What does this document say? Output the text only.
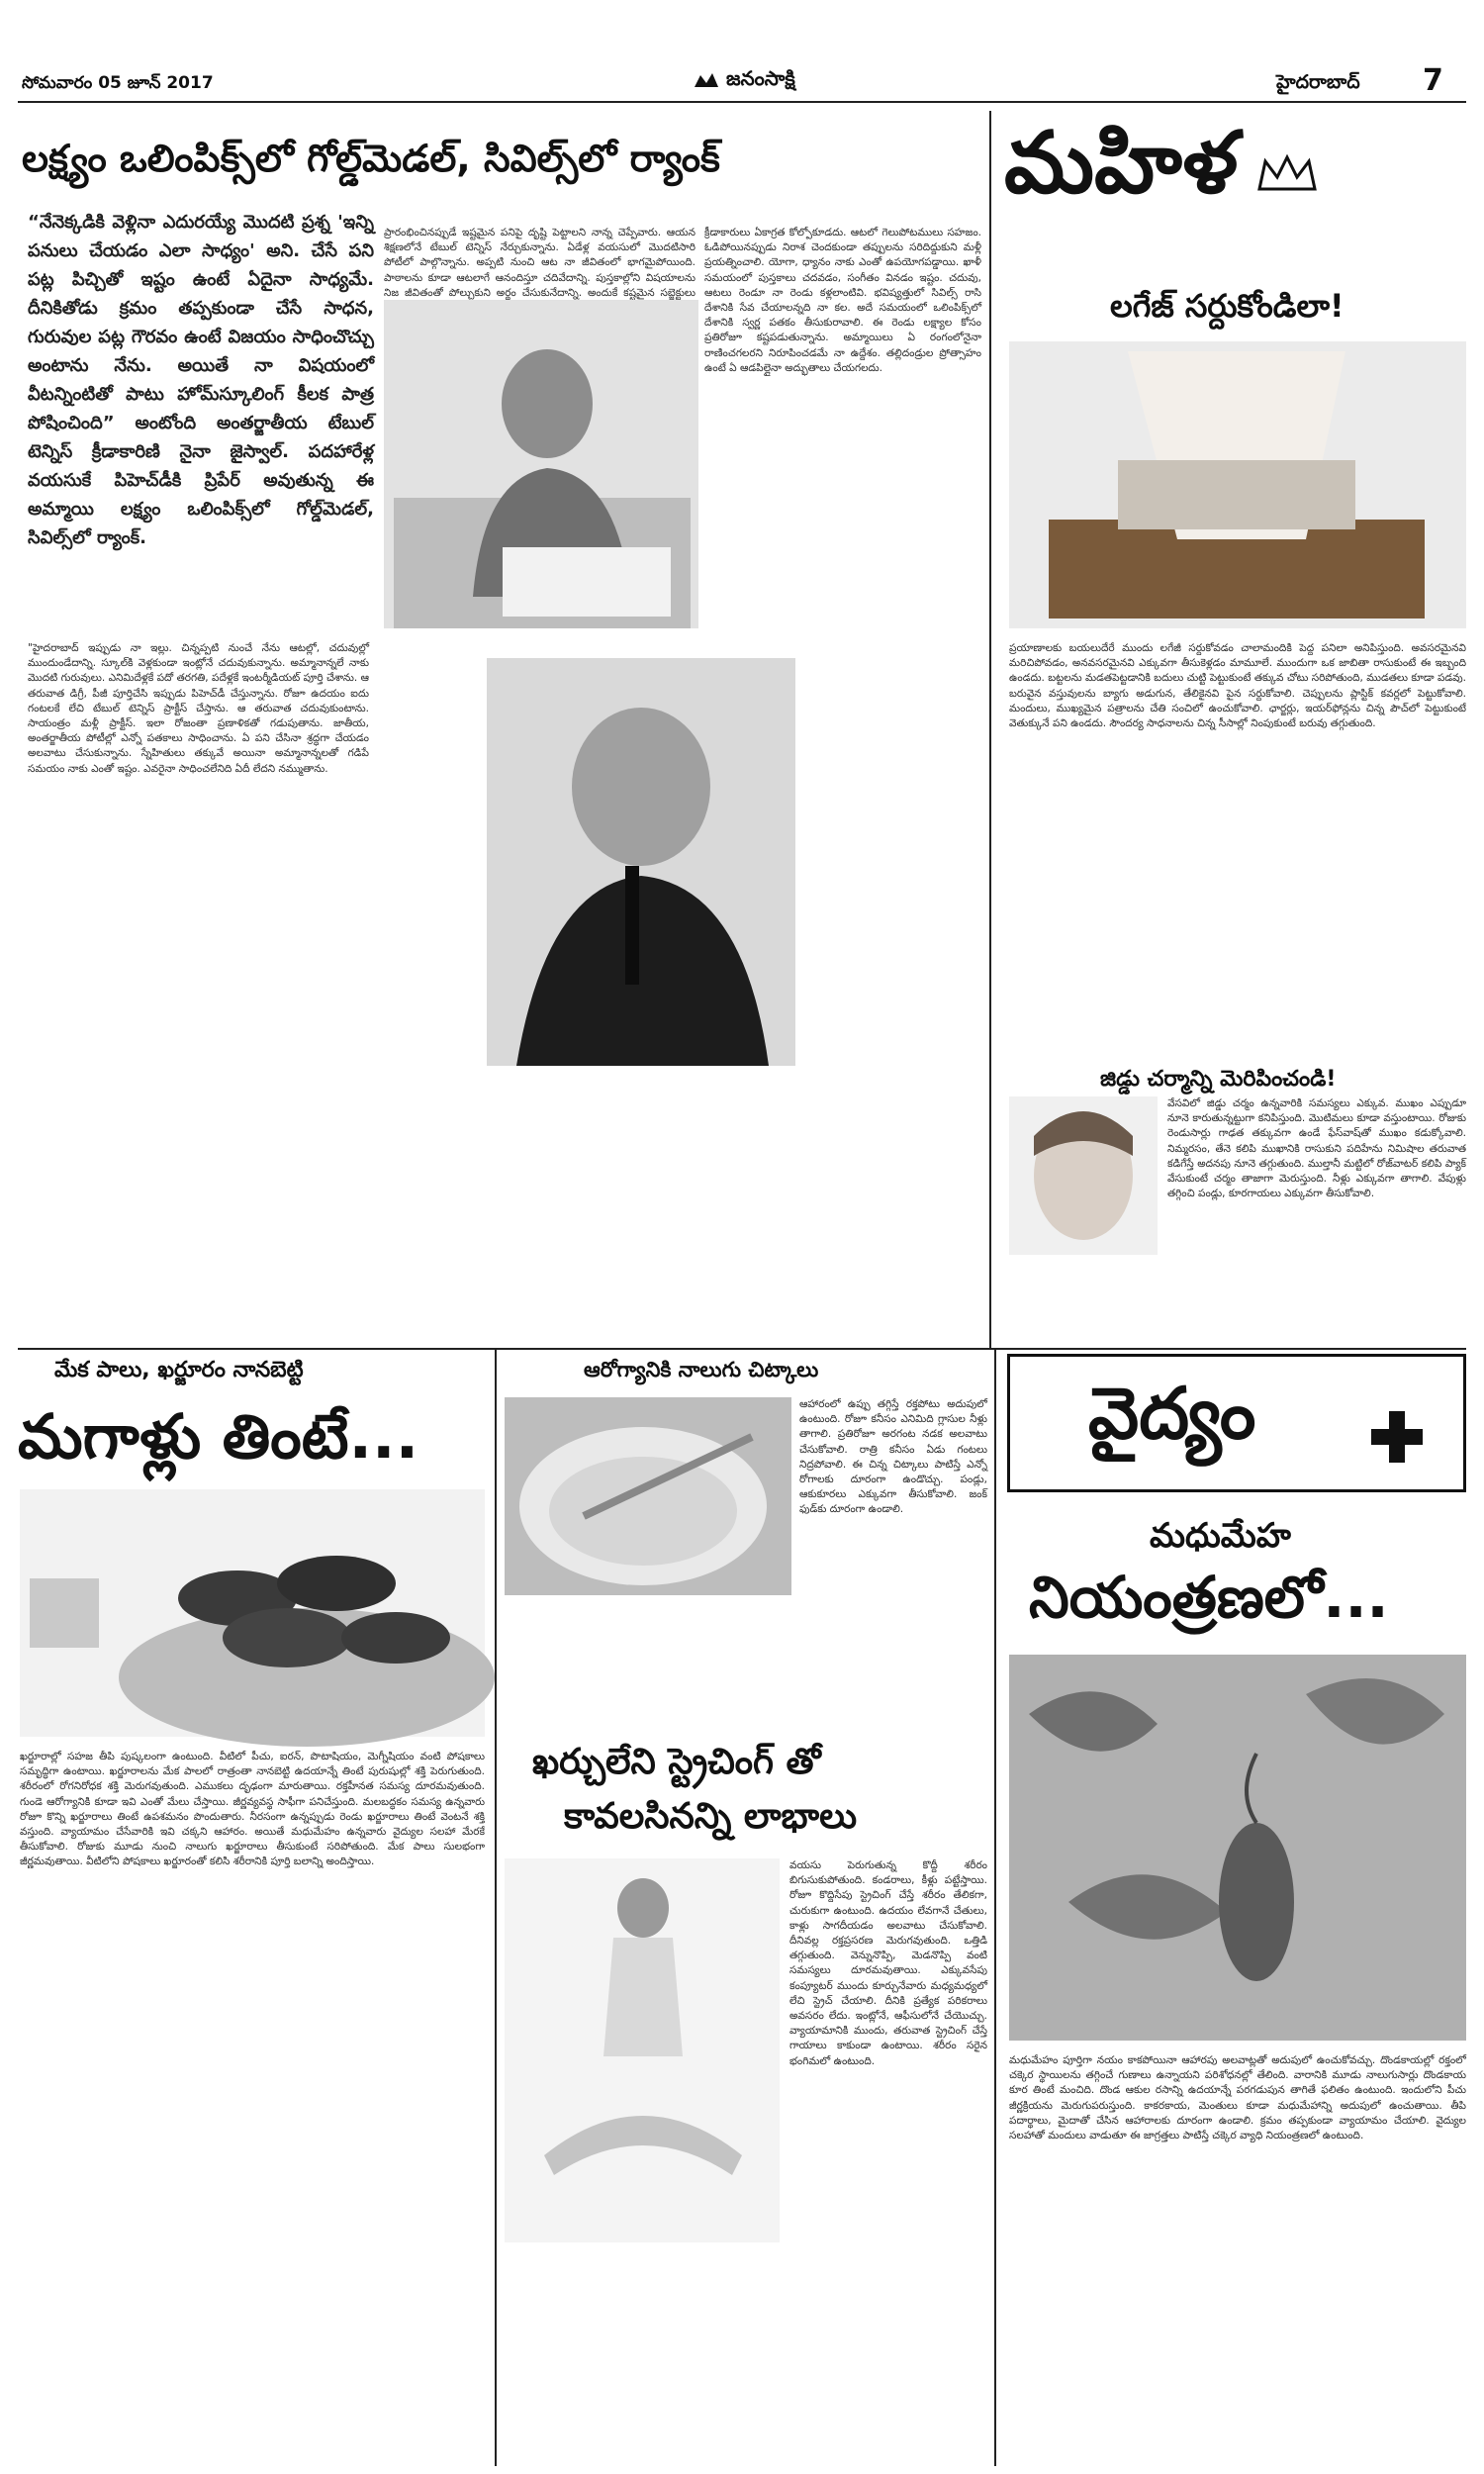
సోమవారం 05 జూన్ 2017	జనంసాక్షి	హైదరాబాద్ 7
లక్ష్యం ఒలింపిక్స్‌లో గోల్డ్‌మెడల్, సివిల్స్‌లో ర్యాంక్
“నేనెక్కడికి వెళ్లినా ఎదురయ్యే మొదటి ప్రశ్న 'ఇన్ని పనులు చేయడం ఎలా సాధ్యం' అని. చేసే పని పట్ల పిచ్చితో ఇష్టం ఉంటే ఏదైనా సాధ్యమే. దీనికితోడు క్రమం తప్పకుండా చేసే సాధన, గురువుల పట్ల గౌరవం ఉంటే విజయం సాధించొచ్చు అంటాను నేను. అయితే నా విషయంలో వీటన్నింటితో పాటు హోమ్‌స్కూలింగ్ కీలక పాత్ర పోషించింది” అంటోంది అంతర్జాతీయ టేబుల్ టెన్నిస్ క్రీడాకారిణి నైనా జైస్వాల్. పదహారేళ్ల వయసుకే పిహెచ్‌డీకి ప్రిపేర్ అవుతున్న ఈ అమ్మాయి లక్ష్యం ఒలింపిక్స్‌లో గోల్డ్‌మెడల్, సివిల్స్‌లో ర్యాంక్.
"హైదరాబాద్ ఇప్పుడు నా ఇల్లు. చిన్నప్పటి నుంచే నేను ఆటల్లో, చదువుల్లో ముందుండేదాన్ని. స్కూల్‌కి వెళ్లకుండా ఇంట్లోనే చదువుకున్నాను. అమ్మానాన్నలే నాకు మొదటి గురువులు. ఎనిమిదేళ్లకే పదో తరగతి, పదేళ్లకే ఇంటర్మీడియట్ పూర్తి చేశాను. ఆ తరువాత డిగ్రీ, పీజీ పూర్తిచేసి ఇప్పుడు పిహెచ్‌డీ చేస్తున్నాను. రోజూ ఉదయం ఐదు గంటలకే లేచి టేబుల్ టెన్నిస్ ప్రాక్టీస్ చేస్తాను. ఆ తరువాత చదువుకుంటాను. సాయంత్రం మళ్లీ ప్రాక్టీస్. ఇలా రోజంతా ప్రణాళికతో గడుపుతాను. జాతీయ, అంతర్జాతీయ పోటీల్లో ఎన్నో పతకాలు సాధించాను. ఏ పని చేసినా శ్రద్ధగా చేయడం అలవాటు చేసుకున్నాను. స్నేహితులు తక్కువే అయినా అమ్మానాన్నలతో గడిపే సమయం నాకు ఎంతో ఇష్టం. ఎవరైనా సాధించలేనిది ఏదీ లేదని నమ్ముతాను.
ప్రారంభించినప్పుడే ఇష్టమైన పనిపై దృష్టి పెట్టాలని నాన్న చెప్పేవారు. ఆయన శిక్షణలోనే టేబుల్ టెన్నిస్ నేర్చుకున్నాను. ఏడేళ్ల వయసులో మొదటిసారి పోటీలో పాల్గొన్నాను. అప్పటి నుంచి ఆట నా జీవితంలో భాగమైపోయింది. పాఠాలను కూడా ఆటలాగే ఆనందిస్తూ చదివేదాన్ని. పుస్తకాల్లోని విషయాలను నిజ జీవితంతో పోల్చుకుని అర్థం చేసుకునేదాన్ని. అందుకే కష్టమైన సబ్జెక్టులు
క్రీడాకారులు ఏకాగ్రత కోల్పోకూడదు. ఆటలో గెలుపోటములు సహజం. ఓడిపోయినప్పుడు నిరాశ చెందకుండా తప్పులను సరిదిద్దుకుని మళ్లీ ప్రయత్నించాలి. యోగా, ధ్యానం నాకు ఎంతో ఉపయోగపడ్డాయి. ఖాళీ సమయంలో పుస్తకాలు చదవడం, సంగీతం వినడం ఇష్టం. చదువు, ఆటలు రెండూ నా రెండు కళ్లలాంటివి. భవిష్యత్తులో సివిల్స్ రాసి దేశానికి సేవ చేయాలన్నది నా కల. అదే సమయంలో ఒలింపిక్స్‌లో దేశానికి స్వర్ణ పతకం తీసుకురావాలి. ఈ రెండు లక్ష్యాల కోసం ప్రతిరోజూ కష్టపడుతున్నాను. అమ్మాయిలు ఏ రంగంలోనైనా రాణించగలరని నిరూపించడమే నా ఉద్దేశం. తల్లిదండ్రుల ప్రోత్సాహం ఉంటే ఏ ఆడపిల్లైనా అద్భుతాలు చేయగలదు.
మహిళ
లగేజ్ సర్దుకోండిలా!
ప్రయాణాలకు బయలుదేరే ముందు లగేజీ సర్దుకోవడం చాలామందికి పెద్ద పనిలా అనిపిస్తుంది. అవసరమైనవి మరిచిపోవడం, అనవసరమైనవి ఎక్కువగా తీసుకెళ్లడం మామూలే. ముందుగా ఒక జాబితా రాసుకుంటే ఈ ఇబ్బంది ఉండదు. బట్టలను మడతపెట్టడానికి బదులు చుట్టి పెట్టుకుంటే తక్కువ చోటు సరిపోతుంది, ముడతలు కూడా పడవు. బరువైన వస్తువులను బ్యాగు అడుగున, తేలికైనవి పైన సర్దుకోవాలి. చెప్పులను ప్లాస్టిక్ కవర్లలో పెట్టుకోవాలి. మందులు, ముఖ్యమైన పత్రాలను చేతి సంచిలో ఉంచుకోవాలి. ఛార్జర్లు, ఇయర్‌ఫోన్లను చిన్న పౌచ్‌లో పెట్టుకుంటే వెతుక్కునే పని ఉండదు. సౌందర్య సాధనాలను చిన్న సీసాల్లో నింపుకుంటే బరువు తగ్గుతుంది.
జిడ్డు చర్మాన్ని మెరిపించండి!
వేసవిలో జిడ్డు చర్మం ఉన్నవారికి సమస్యలు ఎక్కువ. ముఖం ఎప్పుడూ నూనె కారుతున్నట్టుగా కనిపిస్తుంది. మొటిమలు కూడా వస్తుంటాయి. రోజుకు రెండుసార్లు గాఢత తక్కువగా ఉండే ఫేస్‌వాష్‌తో ముఖం కడుక్కోవాలి. నిమ్మరసం, తేనె కలిపి ముఖానికి రాసుకుని పదిహేను నిమిషాల తరువాత కడిగేస్తే అదనపు నూనె తగ్గుతుంది. ముల్తానీ మట్టిలో రోజ్‌వాటర్ కలిపి ప్యాక్ వేసుకుంటే చర్మం తాజాగా మెరుస్తుంది. నీళ్లు ఎక్కువగా తాగాలి. వేపుళ్లు తగ్గించి పండ్లు, కూరగాయలు ఎక్కువగా తీసుకోవాలి.
మేక పాలు, ఖర్జూరం నానబెట్టి
మగాళ్లు తింటే...
ఖర్జూరాల్లో సహజ తీపి పుష్కలంగా ఉంటుంది. వీటిలో పీచు, ఐరన్, పొటాషియం, మెగ్నీషియం వంటి పోషకాలు సమృద్ధిగా ఉంటాయి. ఖర్జూరాలను మేక పాలలో రాత్రంతా నానబెట్టి ఉదయాన్నే తింటే పురుషుల్లో శక్తి పెరుగుతుంది. శరీరంలో రోగనిరోధక శక్తి మెరుగవుతుంది. ఎముకలు దృఢంగా మారుతాయి. రక్తహీనత సమస్య దూరమవుతుంది. గుండె ఆరోగ్యానికి కూడా ఇవి ఎంతో మేలు చేస్తాయి. జీర్ణవ్యవస్థ సాఫీగా పనిచేస్తుంది. మలబద్ధకం సమస్య ఉన్నవారు రోజూ కొన్ని ఖర్జూరాలు తింటే ఉపశమనం పొందుతారు. నీరసంగా ఉన్నప్పుడు రెండు ఖర్జూరాలు తింటే వెంటనే శక్తి వస్తుంది. వ్యాయామం చేసేవారికి ఇవి చక్కని ఆహారం. అయితే మధుమేహం ఉన్నవారు వైద్యుల సలహా మేరకే తీసుకోవాలి. రోజుకు మూడు నుంచి నాలుగు ఖర్జూరాలు తీసుకుంటే సరిపోతుంది. మేక పాలు సులభంగా జీర్ణమవుతాయి. వీటిలోని పోషకాలు ఖర్జూరంతో కలిసి శరీరానికి పూర్తి బలాన్ని అందిస్తాయి.
ఆరోగ్యానికి నాలుగు చిట్కాలు
ఆహారంలో ఉప్పు తగ్గిస్తే రక్తపోటు అదుపులో ఉంటుంది. రోజూ కనీసం ఎనిమిది గ్లాసుల నీళ్లు తాగాలి. ప్రతిరోజూ అరగంట నడక అలవాటు చేసుకోవాలి. రాత్రి కనీసం ఏడు గంటలు నిద్రపోవాలి. ఈ చిన్న చిట్కాలు పాటిస్తే ఎన్నో రోగాలకు దూరంగా ఉండొచ్చు. పండ్లు, ఆకుకూరలు ఎక్కువగా తీసుకోవాలి. జంక్ ఫుడ్‌కు దూరంగా ఉండాలి.
ఖర్చులేని స్ట్రెచింగ్ తో
కావలసినన్ని లాభాలు
వయసు పెరుగుతున్న కొద్దీ శరీరం బిగుసుకుపోతుంది. కండరాలు, కీళ్లు పట్టేస్తాయి. రోజూ కొద్దిసేపు స్ట్రెచింగ్ చేస్తే శరీరం తేలికగా, చురుకుగా ఉంటుంది. ఉదయం లేవగానే చేతులు, కాళ్లు సాగదీయడం అలవాటు చేసుకోవాలి. దీనివల్ల రక్తప్రసరణ మెరుగవుతుంది. ఒత్తిడి తగ్గుతుంది. వెన్నునొప్పి, మెడనొప్పి వంటి సమస్యలు దూరమవుతాయి. ఎక్కువసేపు కంప్యూటర్ ముందు కూర్చునేవారు మధ్యమధ్యలో లేచి స్ట్రెచ్ చేయాలి. దీనికి ప్రత్యేక పరికరాలు అవసరం లేదు. ఇంట్లోనే, ఆఫీసులోనే చేయొచ్చు. వ్యాయామానికి ముందు, తరువాత స్ట్రెచింగ్ చేస్తే గాయాలు కాకుండా ఉంటాయి. శరీరం సరైన భంగిమలో ఉంటుంది.
వైద్యం
మధుమేహ
నియంత్రణలో...
మధుమేహం పూర్తిగా నయం కాకపోయినా ఆహారపు అలవాట్లతో అదుపులో ఉంచుకోవచ్చు. దొండకాయల్లో రక్తంలో చక్కెర స్థాయిలను తగ్గించే గుణాలు ఉన్నాయని పరిశోధనల్లో తేలింది. వారానికి మూడు నాలుగుసార్లు దొండకాయ కూర తింటే మంచిది. దొండ ఆకుల రసాన్ని ఉదయాన్నే పరగడుపున తాగితే ఫలితం ఉంటుంది. ఇందులోని పీచు జీర్ణక్రియను మెరుగుపరుస్తుంది. కాకరకాయ, మెంతులు కూడా మధుమేహాన్ని అదుపులో ఉంచుతాయి. తీపి పదార్థాలు, మైదాతో చేసిన ఆహారాలకు దూరంగా ఉండాలి. క్రమం తప్పకుండా వ్యాయామం చేయాలి. వైద్యుల సలహాతో మందులు వాడుతూ ఈ జాగ్రత్తలు పాటిస్తే చక్కెర వ్యాధి నియంత్రణలో ఉంటుంది.
